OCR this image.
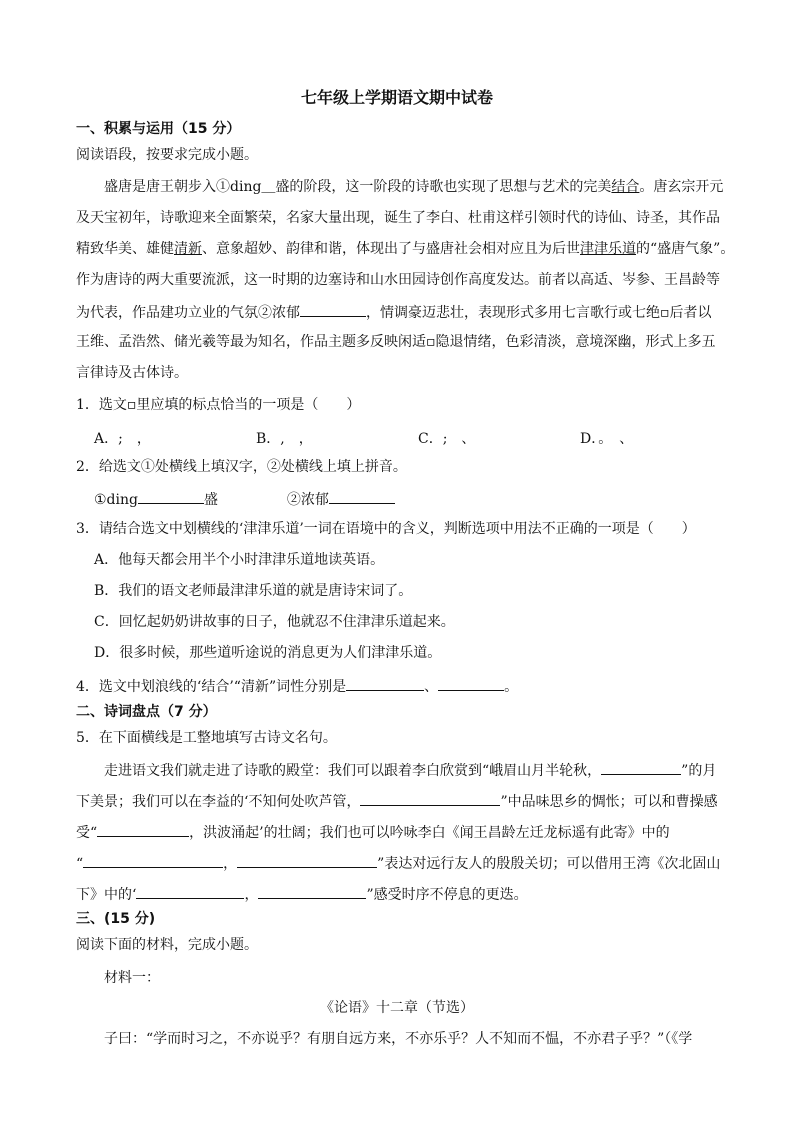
七年级上学期语文期中试卷
一、积累与运用（15 分）
阅读语段，按要求完成小题。
盛唐是唐王朝步入①ding＿盛的阶段，这一阶段的诗歌也实现了思想与艺术的完美结合。唐玄宗开元
及天宝初年，诗歌迎来全面繁荣，名家大量出现，诞生了李白、杜甫这样引领时代的诗仙、诗圣，其作品
精致华美、雄健清新、意象超妙、韵律和谐，体现出了与盛唐社会相对应且为后世津津乐道的“盛唐气象”。
作为唐诗的两大重要流派，这一时期的边塞诗和山水田园诗创作高度发达。前者以高适、岑参、王昌龄等
为代表，作品建功立业的气氛②浓郁	，情调豪迈悲壮，表现形式多用七言歌行或七绝▫后者以
王维、孟浩然、储光羲等最为知名，作品主题多反映闲适▫隐退情绪，色彩清淡，意境深幽，形式上多五
言律诗及古体诗。
1．选文▫里应填的标点恰当的一项是（　　）
A．;　，	B．,　，	C．;　、	D．。　、
2．给选文①处横线上填汉字，②处横线上填上拼音。
①ding	盛	②浓郁
3．请结合选文中划横线的‘津津乐道’一词在语境中的含义，判断选项中用法不正确的一项是（　　）
A．他每天都会用半个小时津津乐道地读英语。
B．我们的语文老师最津津乐道的就是唐诗宋词了。
C．回忆起奶奶讲故事的日子，他就忍不住津津乐道起来。
D．很多时候，那些道听途说的消息更为人们津津乐道。
4．选文中划浪线的‘结合’“清新”词性分别是	、	。
二、诗词盘点（7 分）
5．在下面横线是工整地填写古诗文名句。
走进语文我们就走进了诗歌的殿堂：我们可以跟着李白欣赏到“峨眉山月半轮秋，	”的月
下美景；我们可以在李益的‘不知何处吹芦管，	”中品味思乡的惆怅；可以和曹操感
受“	，洪波涌起’的壮阔；我们也可以吟咏李白《闻王昌龄左迁龙标遥有此寄》中的
“	，	”表达对远行友人的殷殷关切；可以借用王湾《次北固山
下》中的‘	，	”感受时序不停息的更迭。
三、(15 分)
阅读下面的材料，完成小题。
材料一：
《论语》十二章（节选）
子曰：“学而时习之，不亦说乎？有朋自远方来，不亦乐乎？人不知而不愠，不亦君子乎？”（《学
